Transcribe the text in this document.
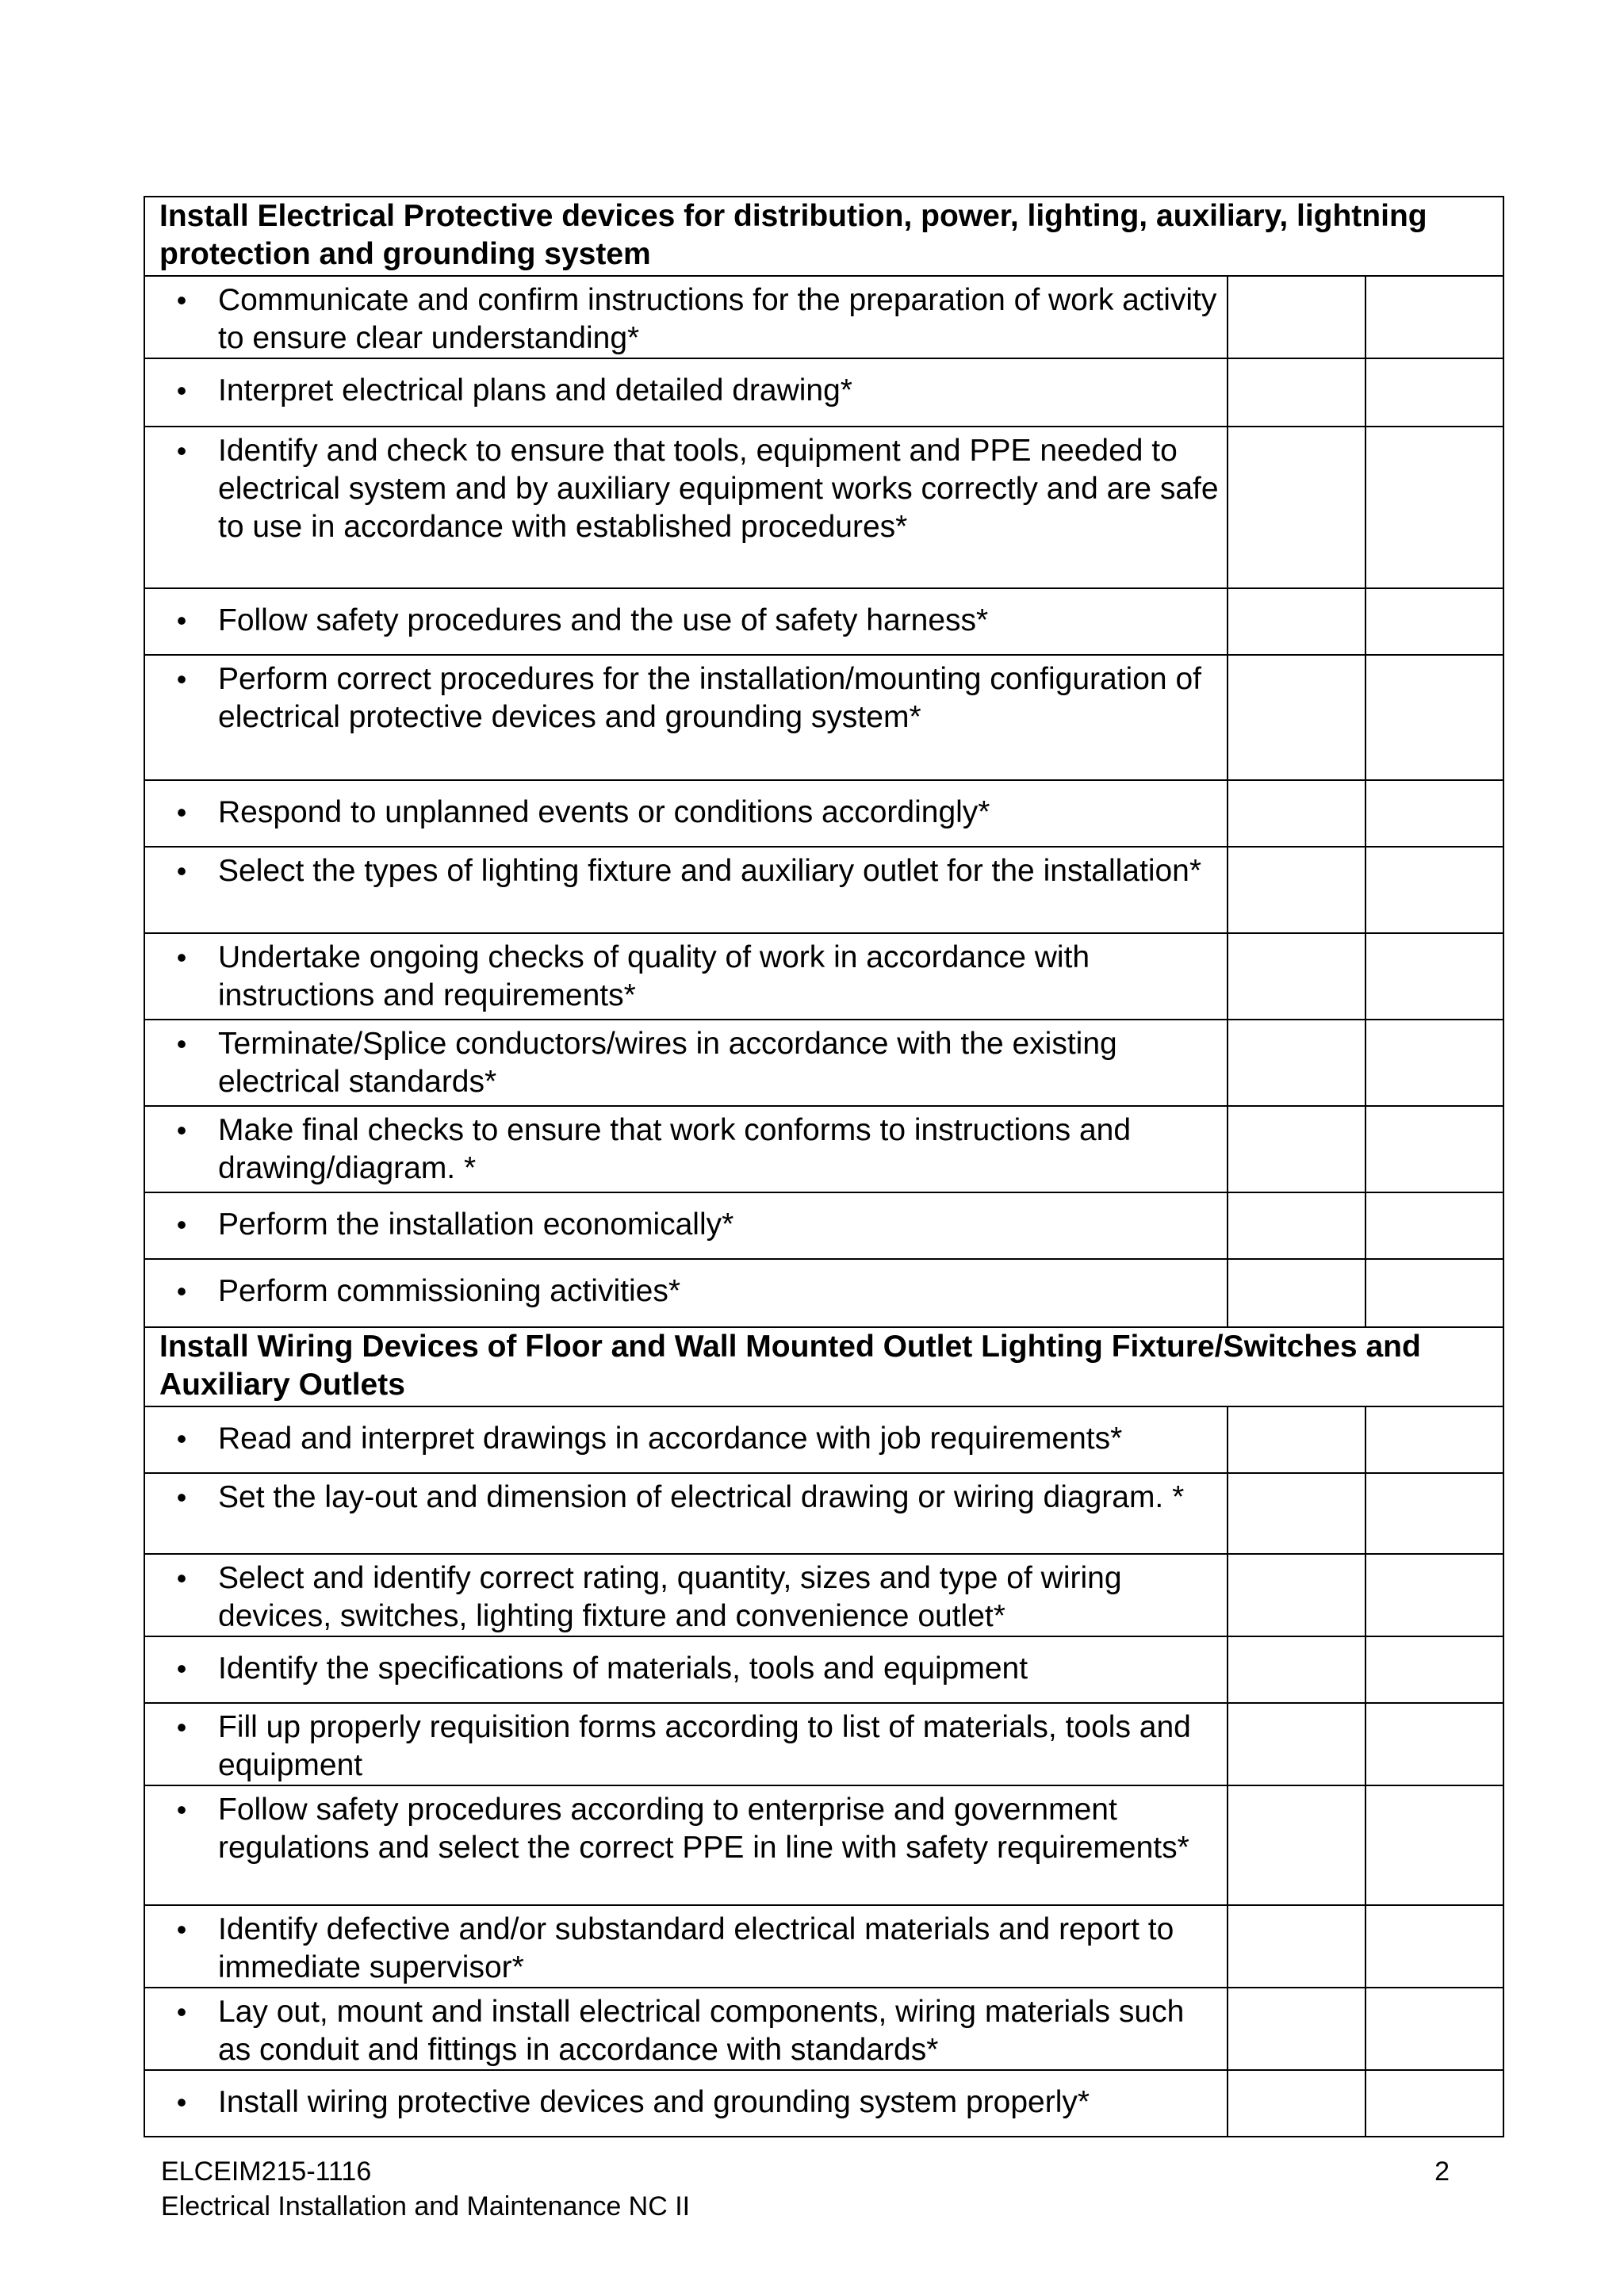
Install Electrical Protective devices for distribution, power, lighting, auxiliary, lightning protection and grounding system		

• Communicate and confirm instructions for the preparation of work activity to ensure clear understanding*		

• Interpret electrical plans and detailed drawing*		

• Identify and check to ensure that tools, equipment and PPE needed to electrical system and by auxiliary equipment works correctly and are safe to use in accordance with established procedures*		

• Follow safety procedures and the use of safety harness*		

• Perform correct procedures for the installation/mounting configuration of electrical protective devices and grounding system*		

• Respond to unplanned events or conditions accordingly*		

• Select the types of lighting fixture and auxiliary outlet for the installation*		

• Undertake ongoing checks of quality of work in accordance with instructions and requirements*		

• Terminate/Splice conductors/wires in accordance with the existing electrical standards*		

• Make final checks to ensure that work conforms to instructions and drawing/diagram. *		

• Perform the installation economically*		

• Perform commissioning activities*		

Install Wiring Devices of Floor and Wall Mounted Outlet Lighting Fixture/Switches and Auxiliary Outlets		

• Read and interpret drawings in accordance with job requirements*		

• Set the lay-out and dimension of electrical drawing or wiring diagram. *		

• Select and identify correct rating, quantity, sizes and type of wiring devices, switches, lighting fixture and convenience outlet*		

• Identify the specifications of materials, tools and equipment		

• Fill up properly requisition forms according to list of materials, tools and equipment		

• Follow safety procedures according to enterprise and government regulations and select the correct PPE in line with safety requirements*		

• Identify defective and/or substandard electrical materials and report to immediate supervisor*		

• Lay out, mount and install electrical components, wiring materials such as conduit and fittings in accordance with standards*		

• Install wiring protective devices and grounding system properly*		

ELCEIM215-1116
Electrical Installation and Maintenance NC II
2
